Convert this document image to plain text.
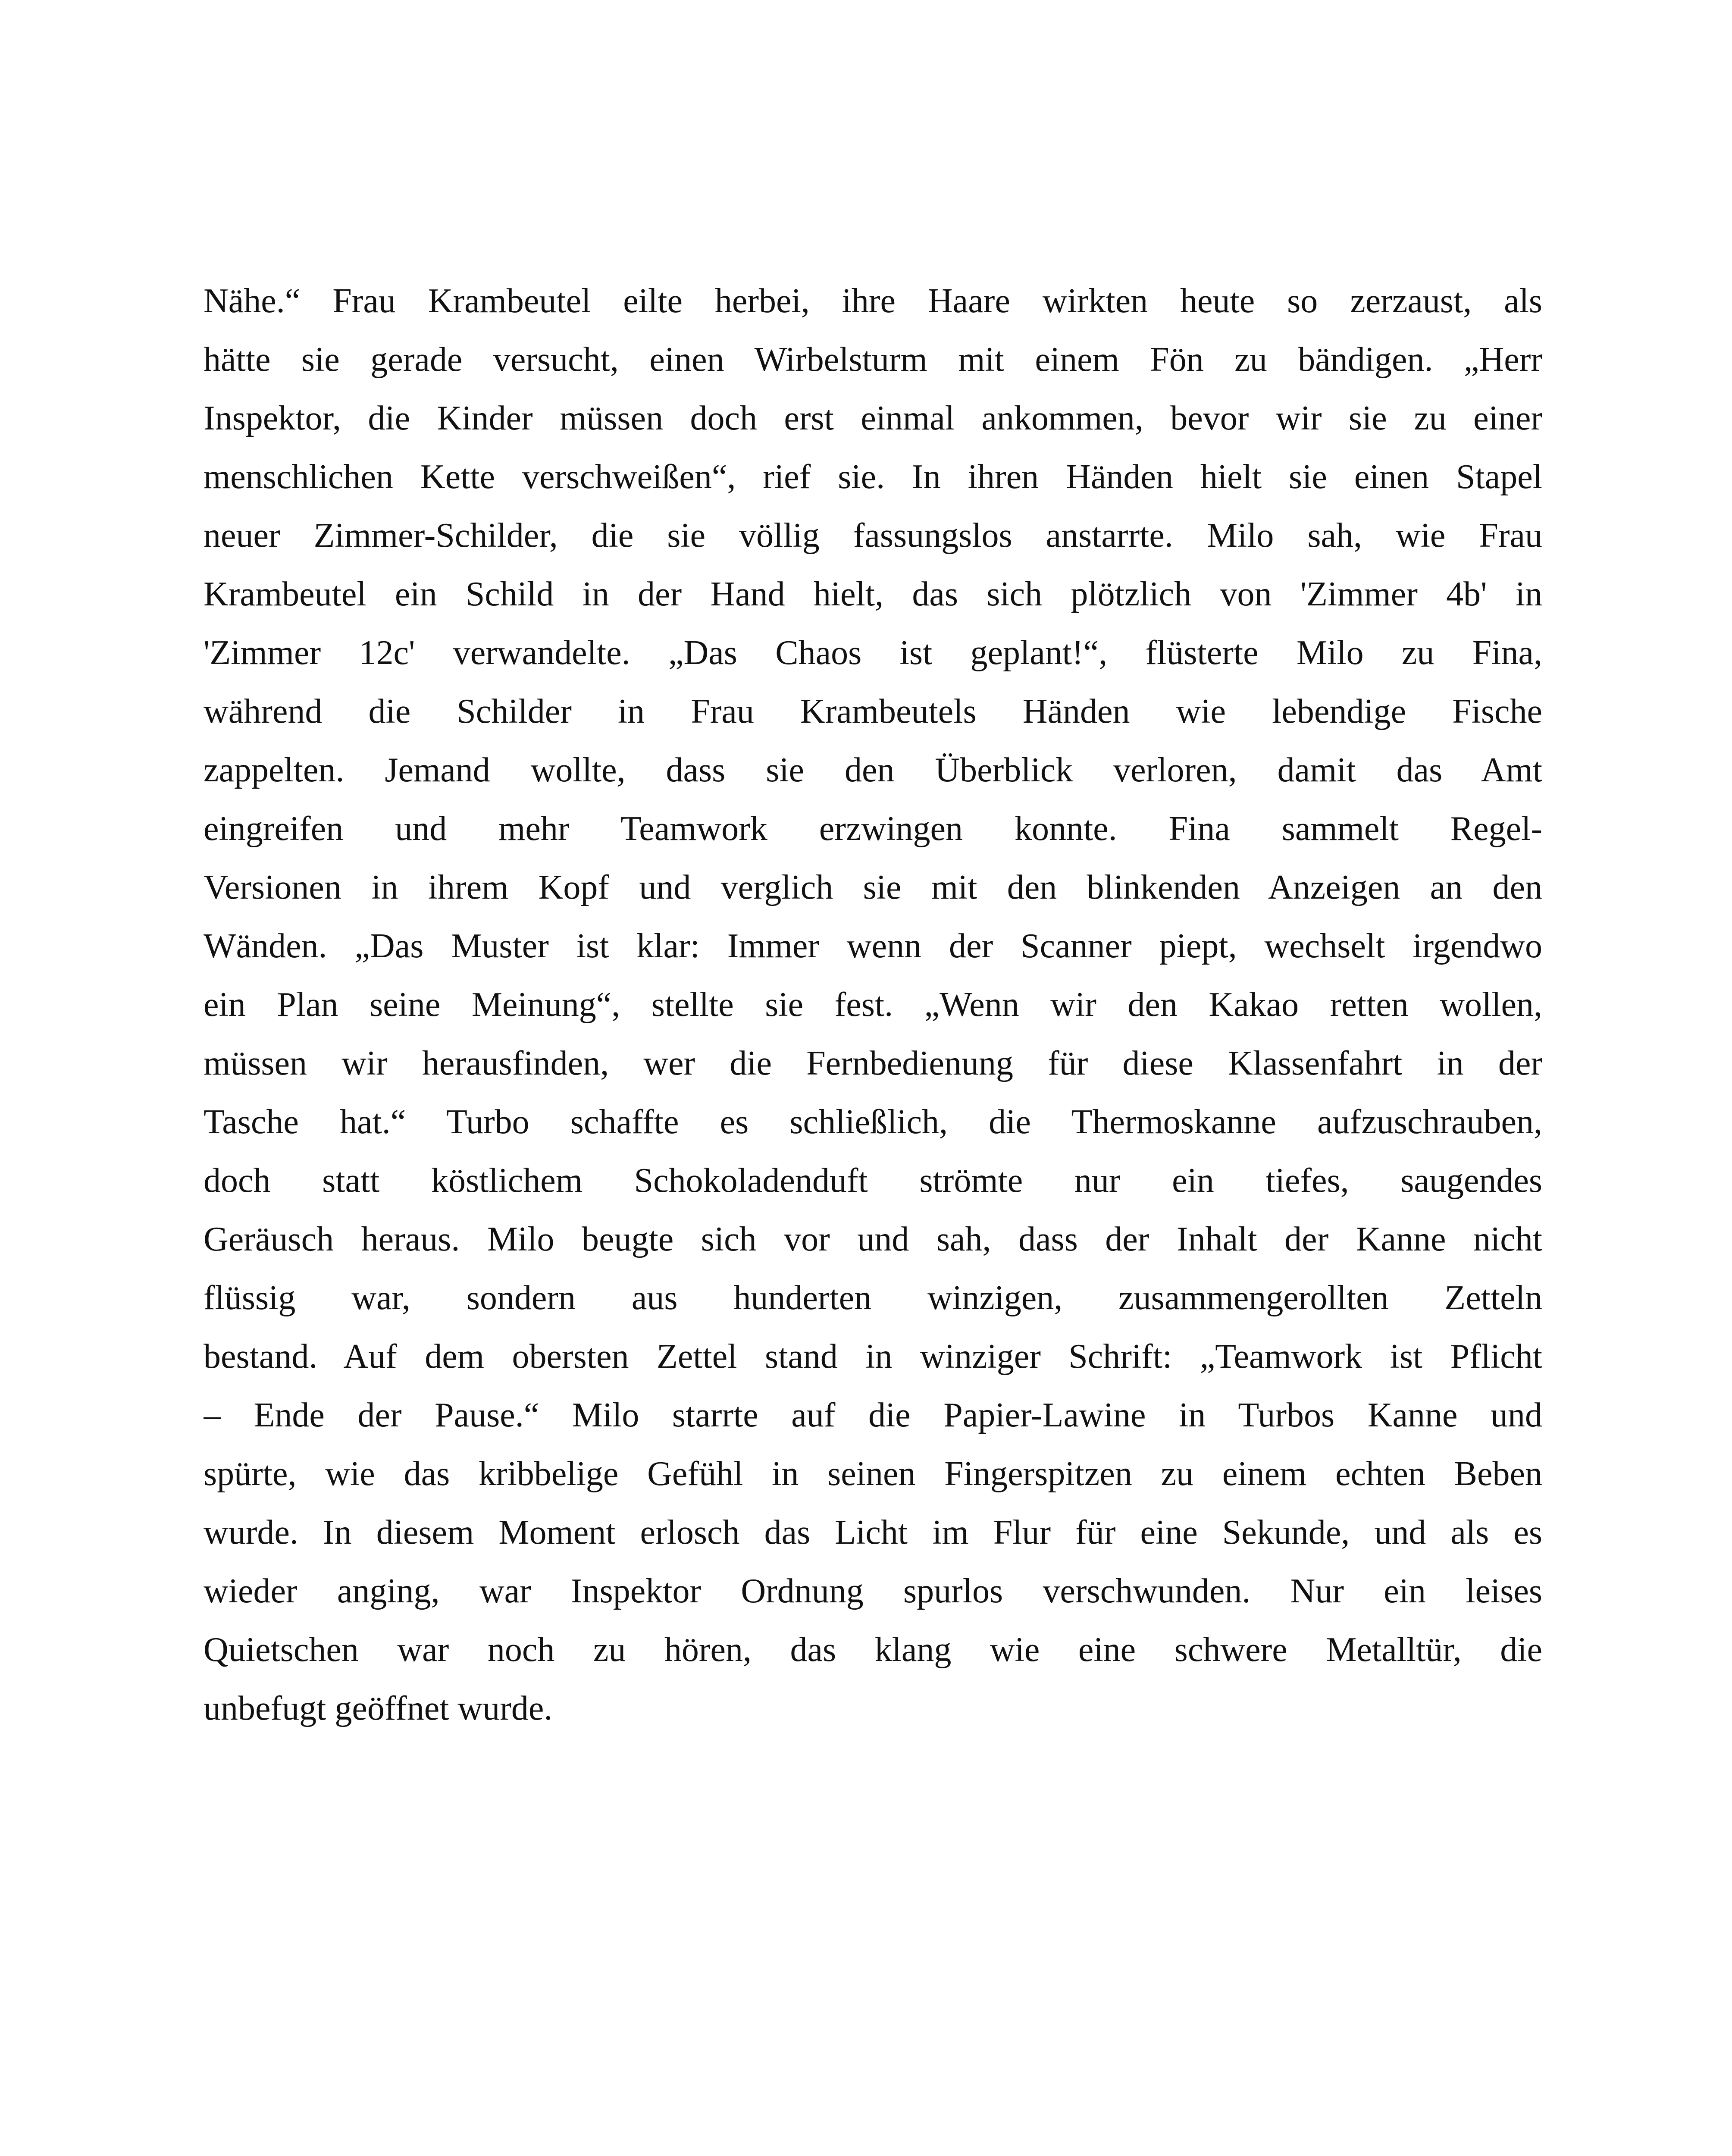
Nähe.“ Frau Krambeutel eilte herbei, ihre Haare wirkten heute so zerzaust, als
hätte sie gerade versucht, einen Wirbelsturm mit einem Fön zu bändigen. „Herr
Inspektor, die Kinder müssen doch erst einmal ankommen, bevor wir sie zu einer
menschlichen Kette verschweißen“, rief sie. In ihren Händen hielt sie einen Stapel
neuer Zimmer-Schilder, die sie völlig fassungslos anstarrte. Milo sah, wie Frau
Krambeutel ein Schild in der Hand hielt, das sich plötzlich von 'Zimmer 4b' in
'Zimmer 12c' verwandelte. „Das Chaos ist geplant!“, flüsterte Milo zu Fina,
während die Schilder in Frau Krambeutels Händen wie lebendige Fische
zappelten. Jemand wollte, dass sie den Überblick verloren, damit das Amt
eingreifen und mehr Teamwork erzwingen konnte. Fina sammelt Regel-
Versionen in ihrem Kopf und verglich sie mit den blinkenden Anzeigen an den
Wänden. „Das Muster ist klar: Immer wenn der Scanner piept, wechselt irgendwo
ein Plan seine Meinung“, stellte sie fest. „Wenn wir den Kakao retten wollen,
müssen wir herausfinden, wer die Fernbedienung für diese Klassenfahrt in der
Tasche hat.“ Turbo schaffte es schließlich, die Thermoskanne aufzuschrauben,
doch statt köstlichem Schokoladenduft strömte nur ein tiefes, saugendes
Geräusch heraus. Milo beugte sich vor und sah, dass der Inhalt der Kanne nicht
flüssig war, sondern aus hunderten winzigen, zusammengerollten Zetteln
bestand. Auf dem obersten Zettel stand in winziger Schrift: „Teamwork ist Pflicht
– Ende der Pause.“ Milo starrte auf die Papier-Lawine in Turbos Kanne und
spürte, wie das kribbelige Gefühl in seinen Fingerspitzen zu einem echten Beben
wurde. In diesem Moment erlosch das Licht im Flur für eine Sekunde, und als es
wieder anging, war Inspektor Ordnung spurlos verschwunden. Nur ein leises
Quietschen war noch zu hören, das klang wie eine schwere Metalltür, die
unbefugt geöffnet wurde.
